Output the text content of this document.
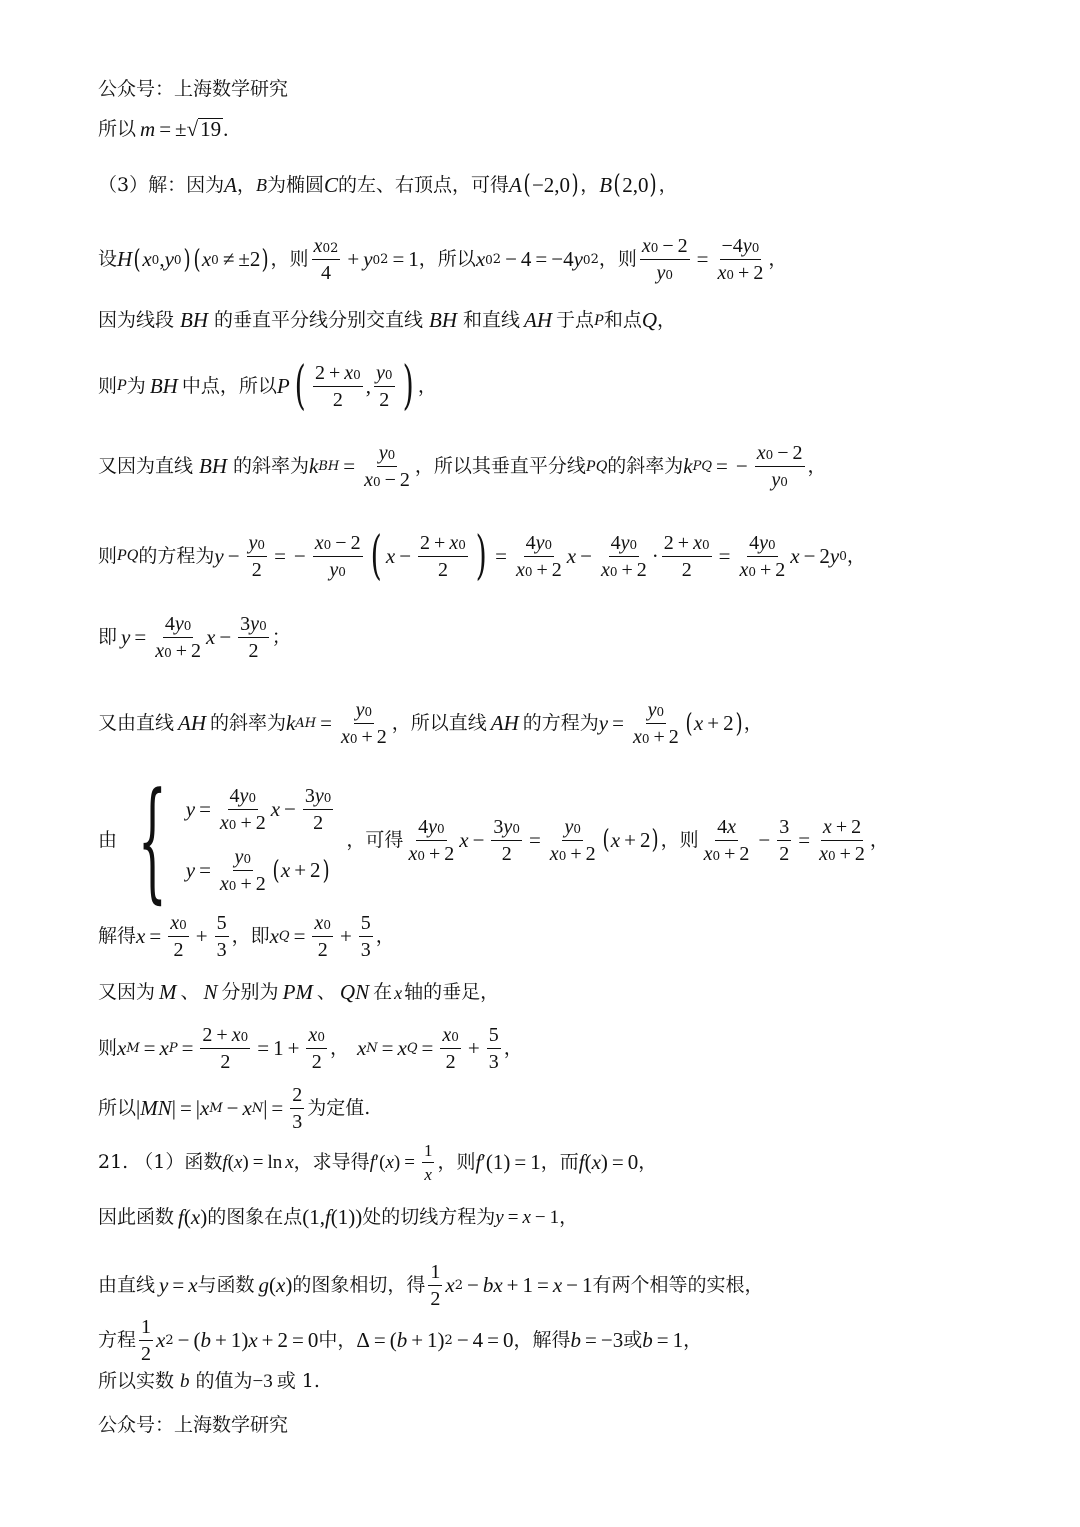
公众号：上海数学研究
所以 m = ± √ 19 .
（3）解：因为 A ， B 为椭圆 C 的左、右顶点，可得 A ( −2,0 ) ， B ( 2,0 ) ，
设 H ( x 0 , y 0 ) ( x 0 ≠ ±2 ) ，则 $\frac{x 0 2}{4} + y$ 0 2 = 1 ，所以 x 0 2 − 4 = −4 y 0 2 ，则 $\frac{x 0 - 2}{y 0} = \frac{-4 y 0}{x 0 + 2}$ ，
因为线段 BH 的垂直平分线分别交直线 BH 和直线 AH 于点 P 和点 Q ，
则 P 为 BH 中点，所以 P ( $\frac{2 + x 0}{2}$ , $\frac{y 0}{2}$ ) ，
又因为直线 BH 的斜率为 k BH = $\frac{y 0}{x 0 - 2}$ ，所以其垂直平分线 PQ 的斜率为 k PQ = − $\frac{x 0 - 2}{y 0}$ ，
则 PQ 的方程为 $y - \frac{y 0}{2}$ = − $\frac{x 0 - 2}{y 0}$ ( $x - \frac{2 + x 0}{2}$ ) = $\frac{4 y 0}{x 0 + 2}$ $x - \frac{4 y 0}{x 0 + 2} \cdot \frac{2 + x 0}{2} = \frac{4 y 0}{x 0 + 2}$ x − 2 y 0 ，
即 $y = \frac{4 y 0}{x 0 + 2}$ $x - \frac{3 y 0}{2}$ ；
又由直线 AH 的斜率为 k AH = $\frac{y 0}{x 0 + 2}$ ，所以直线 AH 的方程为 $y = \frac{y 0}{x 0 + 2}$ ( x + 2 ) ，
由 { $y = \frac{4 y 0}{x 0 + 2}$ $x - \frac{3 y 0}{2}$
$y = \frac{y 0}{x 0 + 2}$ ( x + 2 )
，可得 $\frac{4 y 0}{x 0 + 2}$ $x - \frac{3 y 0}{2} = \frac{y 0}{x 0 + 2}$ ( x + 2 ) ，则 $\frac{4 x}{x 0 + 2} - \frac{3}{2} = \frac{x + 2}{x 0 + 2}$ ，
解得 $x = \frac{x 0}{2} + \frac{5}{3}$ ，即 x $Q = \frac{x 0}{2} + \frac{5}{3}$ ，
又因为 M 、 N 分别为 PM 、 QN 在 x 轴的垂足，
则 x M = x $P = \frac{2 + x 0}{2} = 1 + \frac{x 0}{2}$ ， x N = x $Q = \frac{x 0}{2} + \frac{5}{3}$ ，
所以 | MN | = | x M − x N | = $\frac{2}{3}$ 为定值.
21. （1）函数 f ( x ) = ln x ，求导得 f ′( x ) = $\frac{1}{x}$ ，则 f ′(1) = 1 ，而 f ( x ) = 0 ，
因此函数 f ( x ) 的图象在点 (1, f (1)) 处的切线方程为 y = x − 1 ，
由直线 y = x 与函数 g ( x ) 的图象相切，得 $\frac{1}{2}$ x 2 − bx + 1 = x − 1 有两个相等的实根，
方程 $\frac{1}{2}$ x 2 − ( b + 1) x + 2 = 0 中， Δ = ( b + 1) 2 − 4 = 0 ，解得 b = −3 或 b = 1 ，
所以实数 b 的值为 −3 或 1.
公众号：上海数学研究
